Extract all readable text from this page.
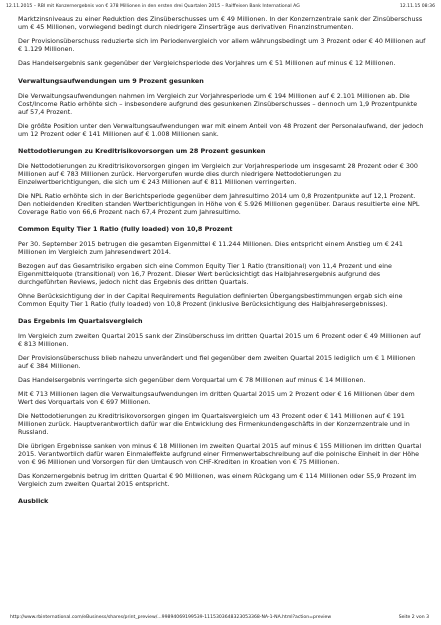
12.11.2015 – RBI mit Konzernergebnis von € 378 Millionen in den ersten drei Quartalen 2015 – Raiffeisen Bank International AG	12.11.15 08:36

Marktzinsniveaus zu einer Reduktion des Zinsüberschusses um € 49 Millionen. In der Konzernzentrale sank der Zinsüberschuss um € 45 Millionen, vorwiegend bedingt durch niedrigere Zinserträge aus derivativen Finanzinstrumenten.

Der Provisionsüberschuss reduzierte sich im Periodenvergleich vor allem währungsbedingt um 3 Prozent oder € 40 Millionen auf € 1.129 Millionen.

Das Handelsergebnis sank gegenüber der Vergleichsperiode des Vorjahres um € 51 Millionen auf minus € 12 Millionen.

Verwaltungsaufwendungen um 9 Prozent gesunken

Die Verwaltungsaufwendungen nahmen im Vergleich zur Vorjahresperiode um € 194 Millionen auf € 2.101 Millionen ab. Die Cost/Income Ratio erhöhte sich – insbesondere aufgrund des gesunkenen Zinsüberschusses – dennoch um 1,9 Prozentpunkte auf 57,4 Prozent.

Die größte Position unter den Verwaltungsaufwendungen war mit einem Anteil von 48 Prozent der Personalaufwand, der jedoch um 12 Prozent oder € 141 Millionen auf € 1.008 Millionen sank.

Nettodotierungen zu Kreditrisikovorsorgen um 28 Prozent gesunken

Die Nettodotierungen zu Kreditrisikovorsorgen gingen im Vergleich zur Vorjahresperiode um insgesamt 28 Prozent oder € 300 Millionen auf € 783 Millionen zurück. Hervorgerufen wurde dies durch niedrigere Nettodotierungen zu Einzelwertberichtigungen, die sich um € 243 Millionen auf € 811 Millionen verringerten.

Die NPL Ratio erhöhte sich in der Berichtsperiode gegenüber dem Jahresultimo 2014 um 0,8 Prozentpunkte auf 12,1 Prozent. Den notleidenden Krediten standen Wertberichtigungen in Höhe von € 5.926 Millionen gegenüber. Daraus resultierte eine NPL Coverage Ratio von 66,6 Prozent nach 67,4 Prozent zum Jahresultimo.

Common Equity Tier 1 Ratio (fully loaded) von 10,8 Prozent

Per 30. September 2015 betrugen die gesamten Eigenmittel € 11.244 Millionen. Dies entspricht einem Anstieg um € 241 Millionen im Vergleich zum Jahresendwert 2014.

Bezogen auf das Gesamtrisiko ergaben sich eine Common Equity Tier 1 Ratio (transitional) von 11,4 Prozent und eine Eigenmittelquote (transitional) von 16,7 Prozent. Dieser Wert berücksichtigt das Halbjahresergebnis aufgrund des durchgeführten Reviews, jedoch nicht das Ergebnis des dritten Quartals.

Ohne Berücksichtigung der in der Capital Requirements Regulation definierten Übergangsbestimmungen ergab sich eine Common Equity Tier 1 Ratio (fully loaded) von 10,8 Prozent (inklusive Berücksichtigung des Halbjahresergebnisses).

Das Ergebnis im Quartalsvergleich

Im Vergleich zum zweiten Quartal 2015 sank der Zinsüberschuss im dritten Quartal 2015 um 6 Prozent oder € 49 Millionen auf € 813 Millionen.

Der Provisionsüberschuss blieb nahezu unverändert und fiel gegenüber dem zweiten Quartal 2015 lediglich um € 1 Millionen auf € 384 Millionen.

Das Handelsergebnis verringerte sich gegenüber dem Vorquartal um € 78 Millionen auf minus € 14 Millionen.

Mit € 713 Millionen lagen die Verwaltungsaufwendungen im dritten Quartal 2015 um 2 Prozent oder € 16 Millionen über dem Wert des Vorquartals von € 697 Millionen.

Die Nettodotierungen zu Kreditrisikovorsorgen gingen im Quartalsvergleich um 43 Prozent oder € 141 Millionen auf € 191 Millionen zurück. Hauptverantwortlich dafür war die Entwicklung des Firmenkundengeschäfts in der Konzernzentrale und in Russland.

Die übrigen Ergebnisse sanken von minus € 18 Millionen im zweiten Quartal 2015 auf minus € 155 Millionen im dritten Quartal 2015. Verantwortlich dafür waren Einmaleffekte aufgrund einer Firmenwertabschreibung auf die polnische Einheit in der Höhe von € 96 Millionen und Vorsorgen für den Umtausch von CHF-Krediten in Kroatien von € 75 Millionen.

Das Konzernergebnis betrug im dritten Quartal € 90 Millionen, was einem Rückgang um € 114 Millionen oder 55,9 Prozent im Vergleich zum zweiten Quartal 2015 entspricht.

Ausblick
http://www.rbinternational.com/eBusiness/shares/print_preview/...99894069199539-1115303648323053368-NA-1-NA.html?action=preview	Seite 2 von 3
